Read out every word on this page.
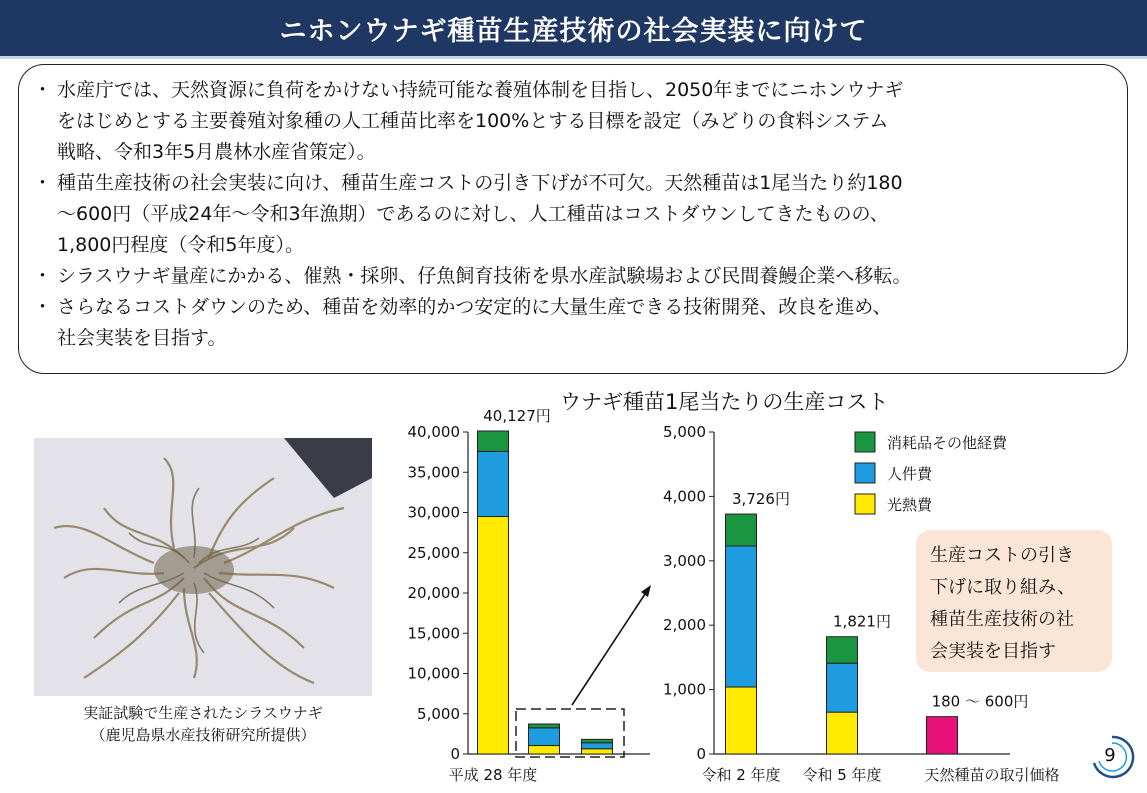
ニホンウナギ種苗生産技術の社会実装に向けて
・ 水産庁では、天然資源に負荷をかけない持続可能な養殖体制を目指し、2050年までにニホンウナギ
をはじめとする主要養殖対象種の人工種苗比率を100%とする目標を設定（みどりの食料システム
戦略、令和3年5月農林水産省策定）。
・ 種苗生産技術の社会実装に向け、種苗生産コストの引き下げが不可欠。天然種苗は1尾当たり約180
～600円（平成24年～令和3年漁期）であるのに対し、人工種苗はコストダウンしてきたものの、
1,800円程度（令和5年度）。
・ シラスウナギ量産にかかる、催熟・採卵、仔魚飼育技術を県水産試験場および民間養鰻企業へ移転。
・ さらなるコストダウンのため、種苗を効率的かつ安定的に大量生産できる技術開発、改良を進め、
社会実装を目指す。
実証試験で生産されたシラスウナギ
（鹿児島県水産技術研究所提供）
ウナギ種苗1尾当たりの生産コスト
0
5,000
10,000
15,000
20,000
25,000
30,000
35,000
40,000
40,127円
平成 28 年度
0
1,000
2,000
3,000
4,000
5,000
3,726円
令和 2 年度
1,821円
令和 5 年度
180 ～ 600円
天然種苗の取引価格
消耗品その他経費
人件費
光熱費
生産コストの引き
下げに取り組み、
種苗生産技術の社
会実装を目指す
9
